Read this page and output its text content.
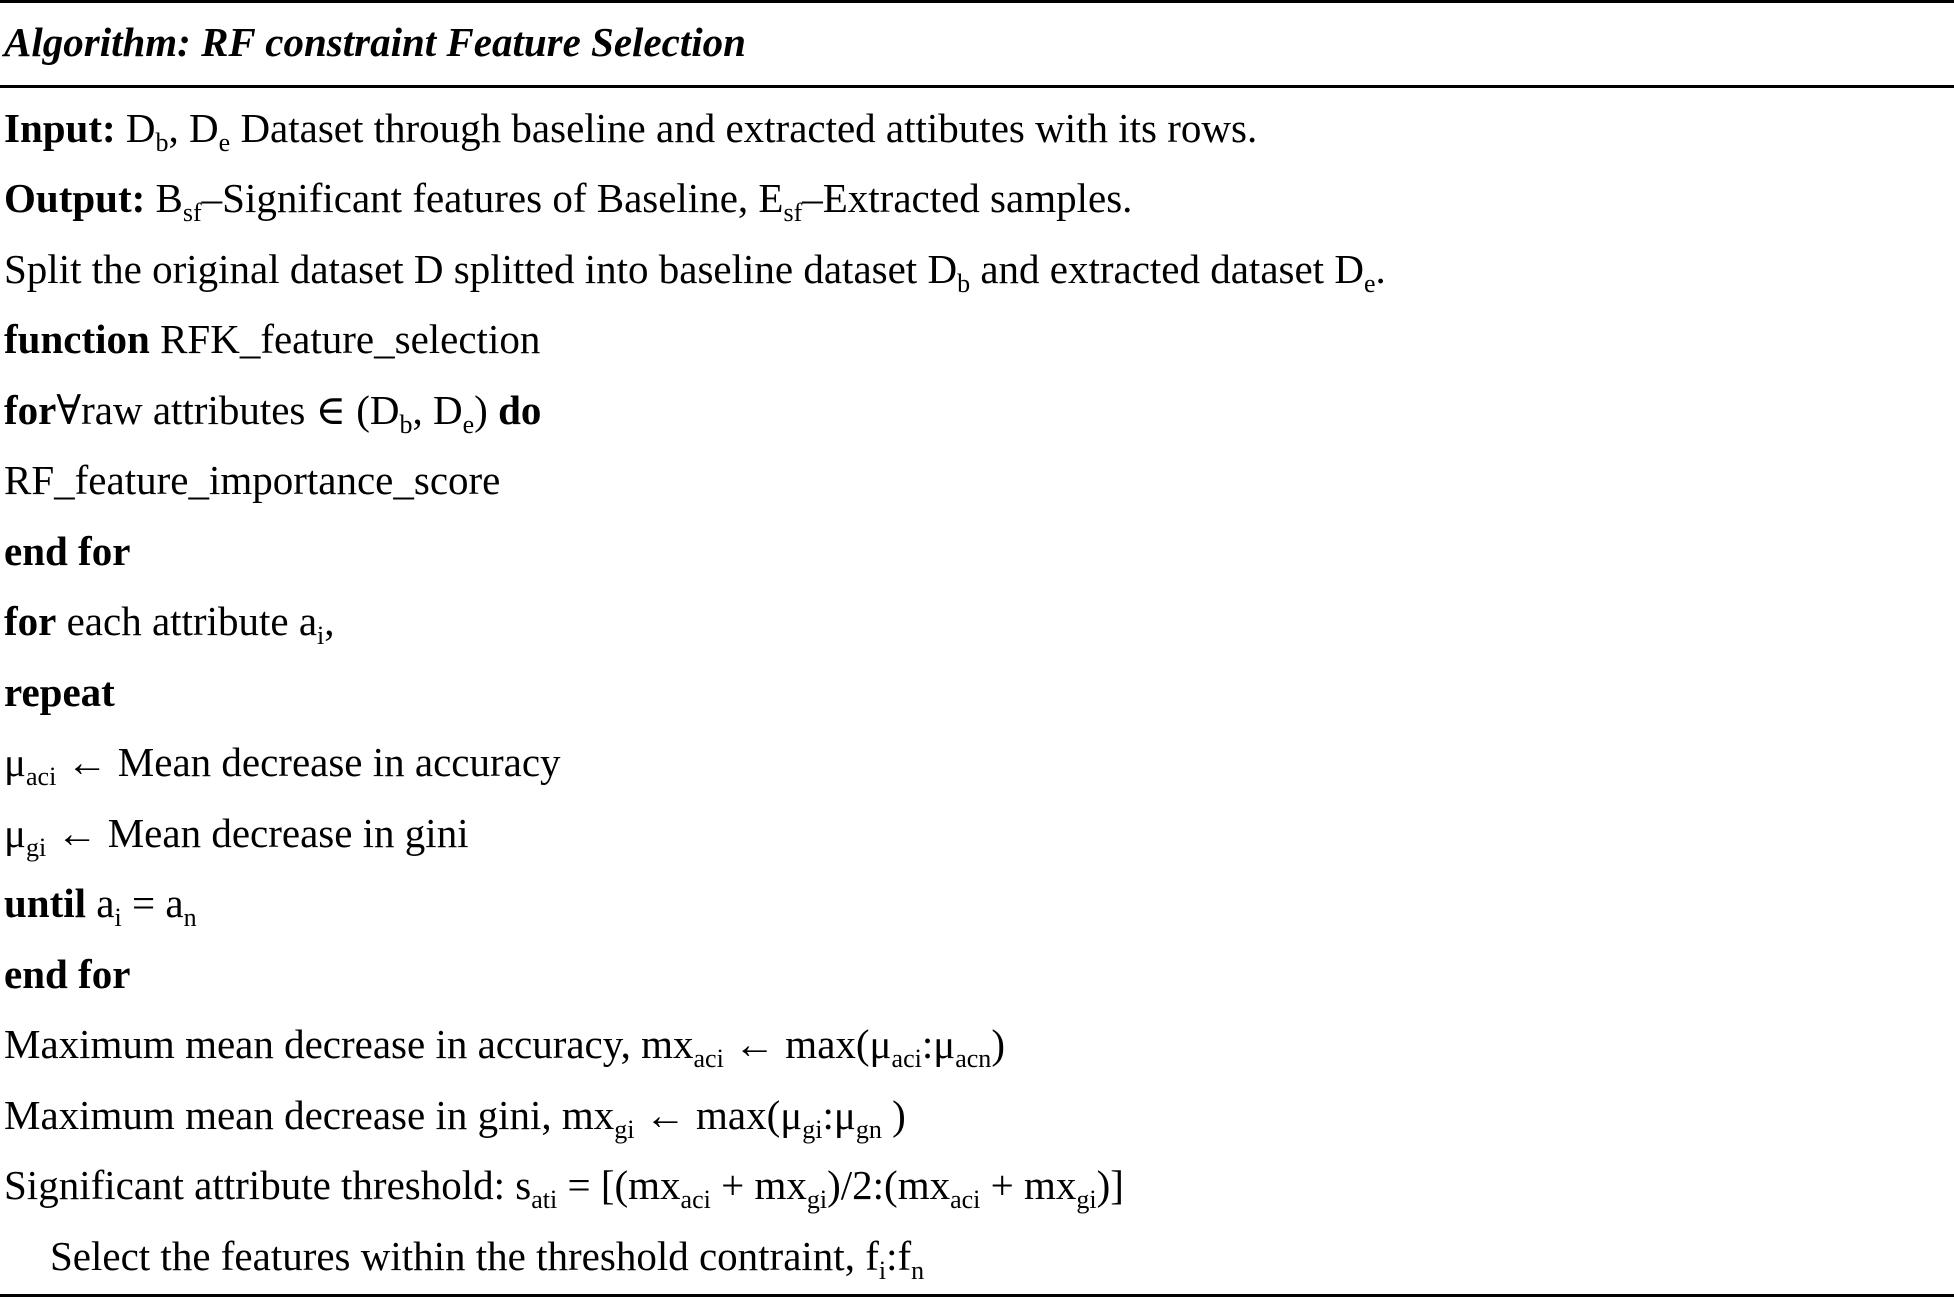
Algorithm: RF constraint Feature Selection
Input: $D_b$, $D_e$ Dataset through baseline and extracted attibutes with its rows.
Output: $B_{sf}$–Significant features of Baseline, $E_{sf}$–Extracted samples.
Split the original dataset D splitted into baseline dataset $D_b$ and extracted dataset $D_e$.
function RFK_feature_selection
for∀raw attributes ∈ ($D_b$, $D_e$) do
RF_feature_importance_score
end for
for each attribute $a_i$,
repeat
$\mu_{aci}$ ← Mean decrease in accuracy
$\mu_{gi}$ ← Mean decrease in gini
until $a_i = a_n$
end for
Maximum mean decrease in accuracy, $mx_{aci}$ ← $\max(\mu_{aci}:\mu_{acn})$
Maximum mean decrease in gini, $mx_{gi}$ ← $\max(\mu_{gi}:\mu_{gn}$ )
Significant attribute threshold: $s_{ati} = [(mx_{aci}$ + $mx_{gi})/2:(mx_{aci} + mx_{gi})$]
Select the features within the threshold contraint, $f_i:f_n$
